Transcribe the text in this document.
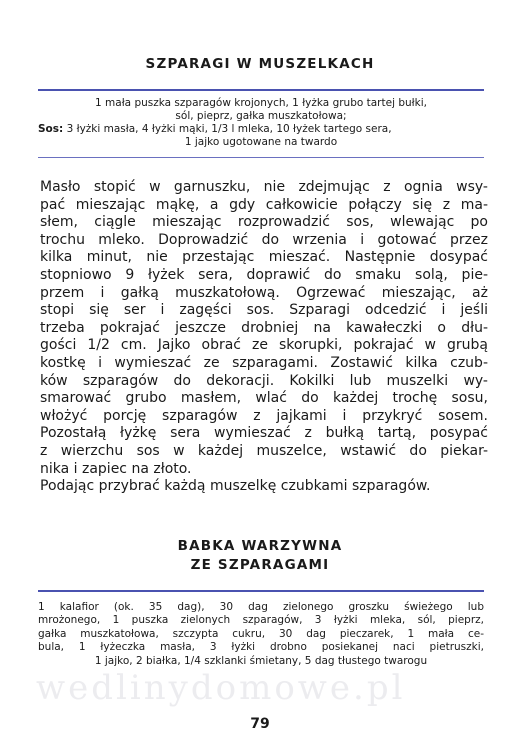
SZPARAGI W MUSZELKACH
1 mała puszka szparagów krojonych, 1 łyżka grubo tartej bułki,
sól, pieprz, gałka muszkatołowa;
Sos: 3 łyżki masła, 4 łyżki mąki, 1/3 l mleka, 10 łyżek tartego sera,
1 jajko ugotowane na twardo
Masło stopić w garnuszku, nie zdejmując z ognia wsy-
pać mieszając mąkę, a gdy całkowicie połączy się z ma-
słem, ciągle mieszając rozprowadzić sos, wlewając po
trochu mleko. Doprowadzić do wrzenia i gotować przez
kilka minut, nie przestając mieszać. Następnie dosypać
stopniowo 9 łyżek sera, doprawić do smaku solą, pie-
przem i gałką muszkatołową. Ogrzewać mieszając, aż
stopi się ser i zagęści sos. Szparagi odcedzić i jeśli
trzeba pokrajać jeszcze drobniej na kawałeczki o dłu-
gości 1/2 cm. Jajko obrać ze skorupki, pokrajać w grubą
kostkę i wymieszać ze szparagami. Zostawić kilka czub-
ków szparagów do dekoracji. Kokilki lub muszelki wy-
smarować grubo masłem, wlać do każdej trochę sosu,
włożyć porcję szparagów z jajkami i przykryć sosem.
Pozostałą łyżkę sera wymieszać z bułką tartą, posypać
z wierzchu sos w każdej muszelce, wstawić do piekar-
nika i zapiec na złoto.
Podając przybrać każdą muszelkę czubkami szparagów.
BABKA WARZYWNA
ZE SZPARAGAMI
1 kalafior (ok. 35 dag), 30 dag zielonego groszku świeżego lub
mrożonego, 1 puszka zielonych szparagów, 3 łyżki mleka, sól, pieprz,
gałka muszkatołowa, szczypta cukru, 30 dag pieczarek, 1 mała ce-
bula, 1 łyżeczka masła, 3 łyżki drobno posiekanej naci pietruszki,
1 jajko, 2 białka, 1/4 szklanki śmietany, 5 dag tłustego twarogu
wedlinydomowe.pl
79
